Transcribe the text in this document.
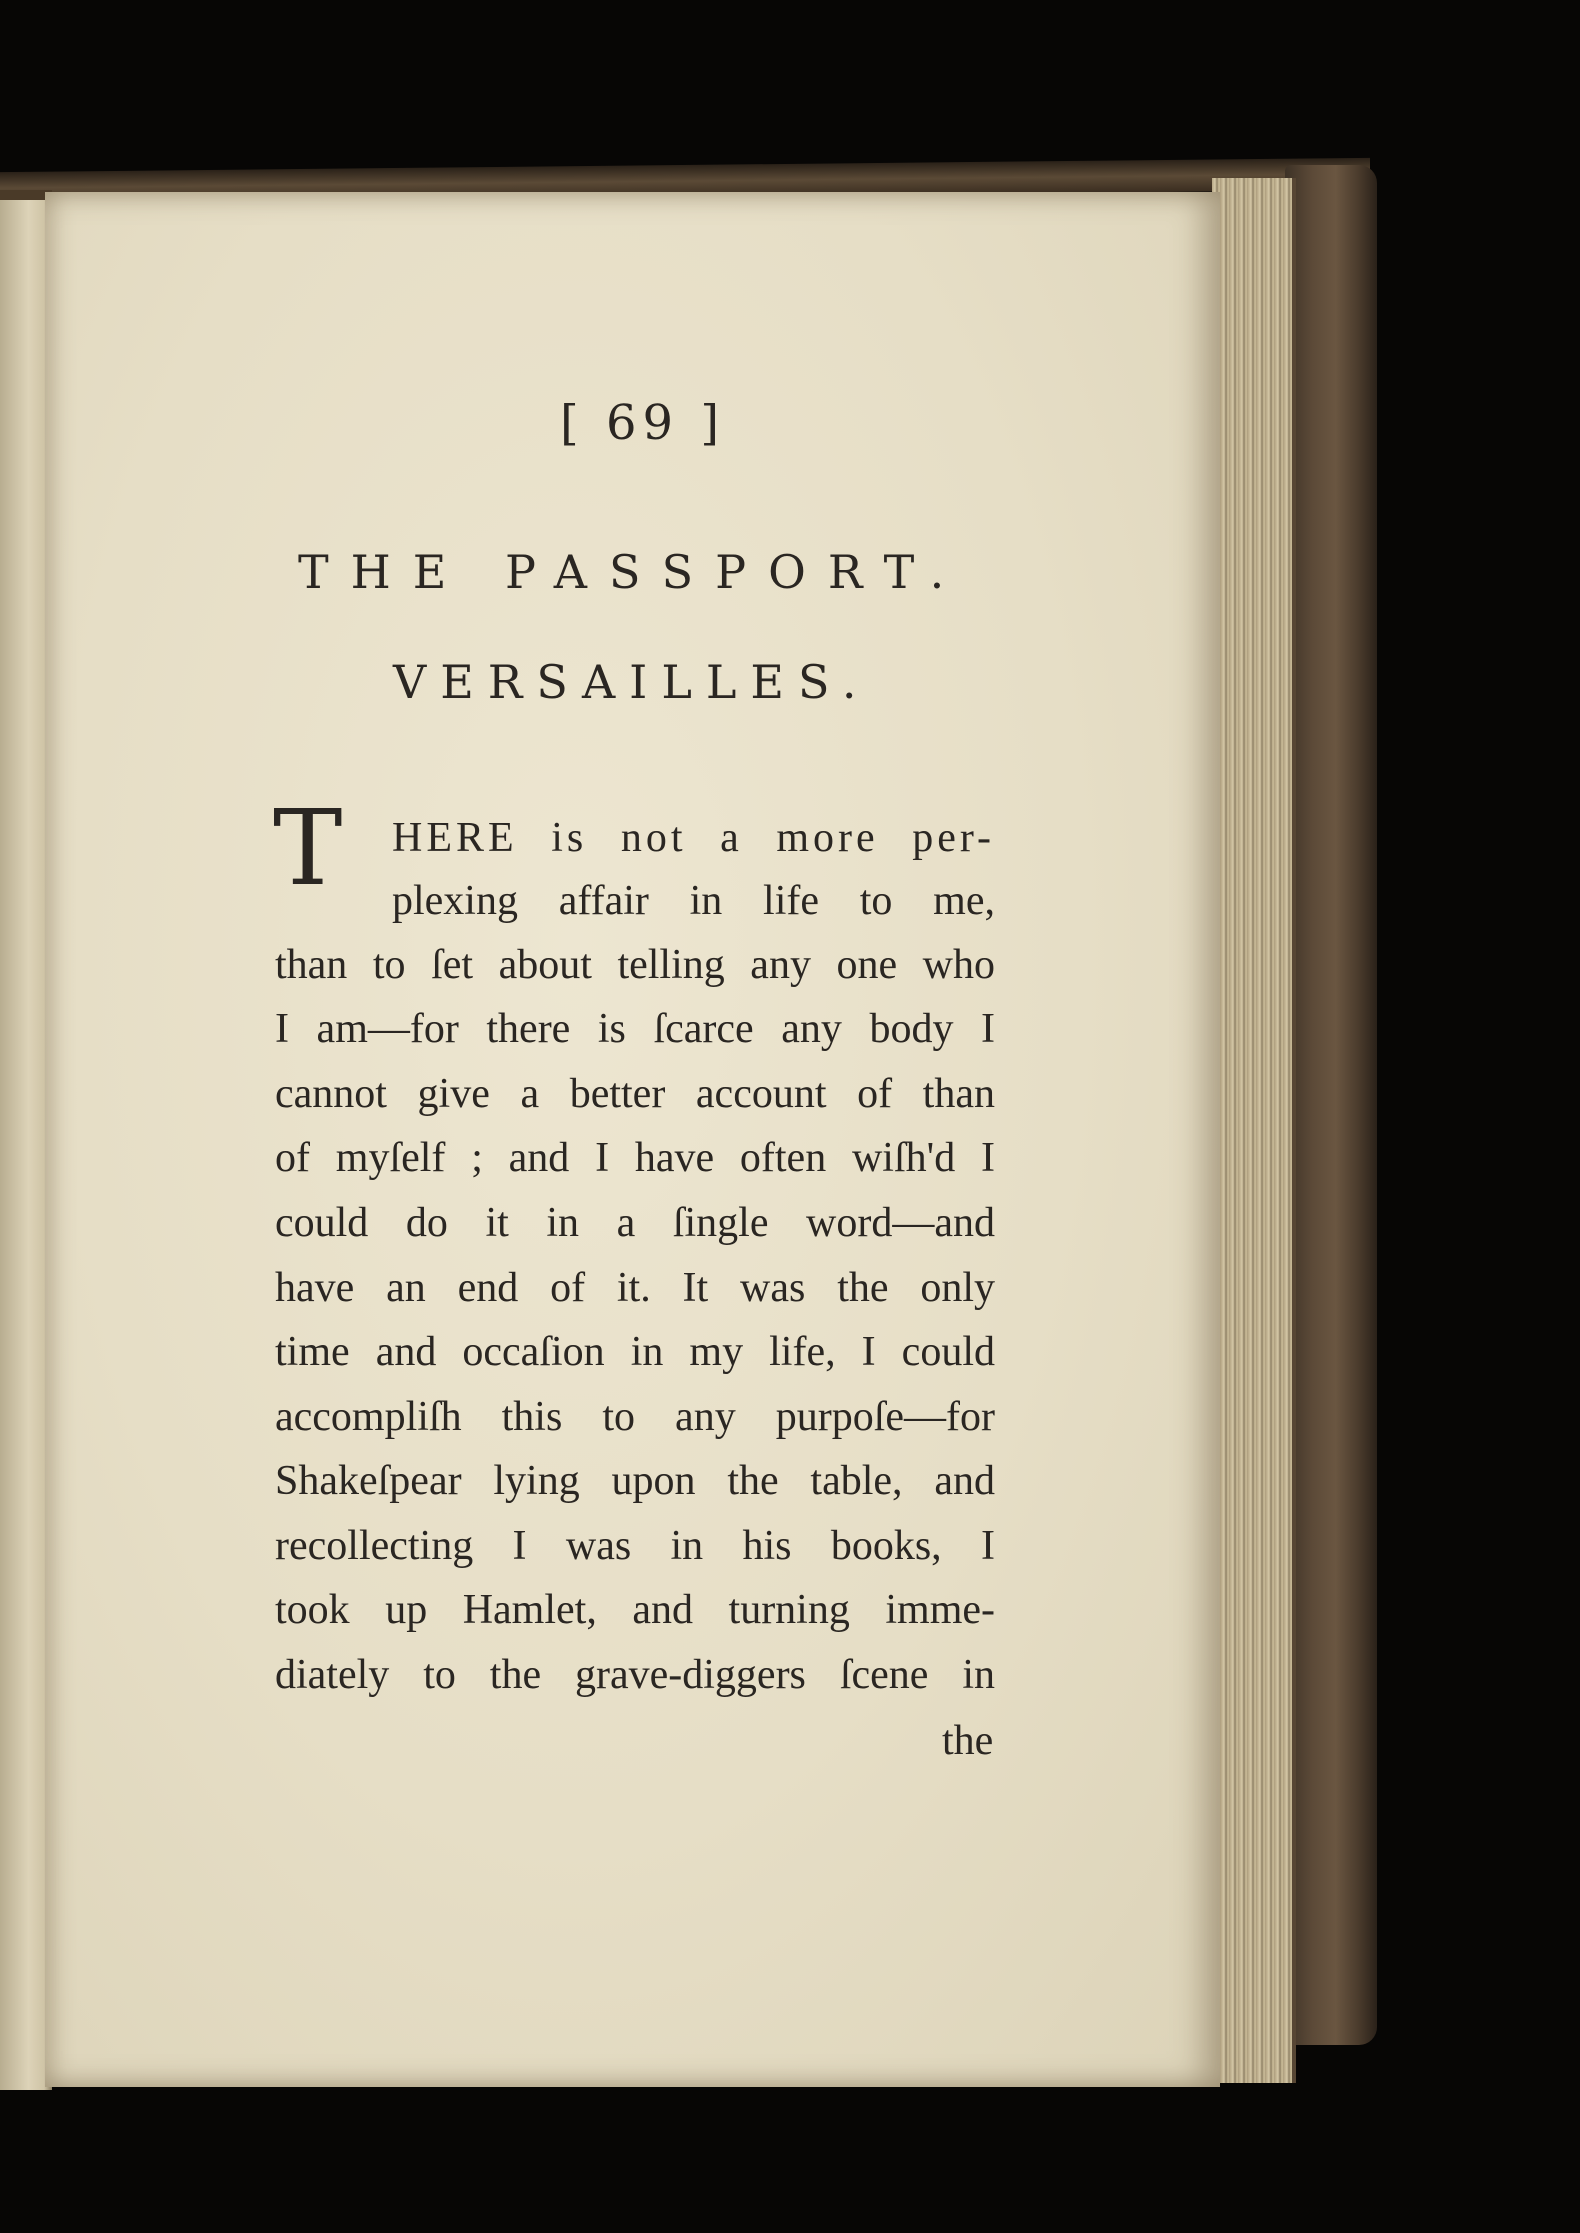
[ 69 ]
THE PASSPORT.
VERSAILLES.
T HERE is not a more per-
plexing affair in life to me,
than to ſet about telling any one who
I am—for there is ſcarce any body I
cannot give a better account of than
of myſelf ; and I have often wiſh'd I
could do it in a ſingle word—and
have an end of it. It was the only
time and occaſion in my life, I could
accompliſh this to any purpoſe—for
Shakeſpear lying upon the table, and
recollecting I was in his books, I
took up Hamlet, and turning imme-
diately to the grave-diggers ſcene in
the
